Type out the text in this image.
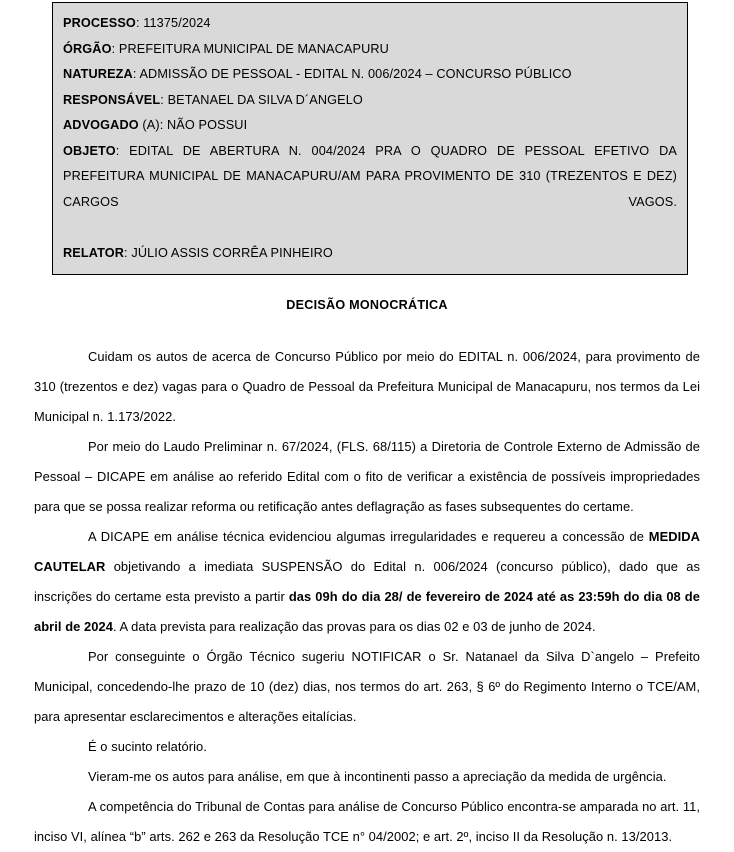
PROCESSO: 11375/2024
ÓRGÃO: PREFEITURA MUNICIPAL DE MANACAPURU
NATUREZA: ADMISSÃO DE PESSOAL - EDITAL N. 006/2024 – CONCURSO PÚBLICO
RESPONSÁVEL: BETANAEL DA SILVA D´ANGELO
ADVOGADO (A): NÃO POSSUI
OBJETO: EDITAL DE ABERTURA N. 004/2024 PRA O QUADRO DE PESSOAL EFETIVO DA PREFEITURA MUNICIPAL DE MANACAPURU/AM PARA PROVIMENTO DE 310 (TREZENTOS E DEZ) CARGOS VAGOS.
RELATOR: JÚLIO ASSIS CORRÊA PINHEIRO
DECISÃO MONOCRÁTICA

Cuidam os autos de acerca de Concurso Público por meio do EDITAL n. 006/2024, para provimento de 310 (trezentos e dez) vagas para o Quadro de Pessoal da Prefeitura Municipal de Manacapuru, nos termos da Lei Municipal n. 1.173/2022.

Por meio do Laudo Preliminar n. 67/2024, (FLS. 68/115) a Diretoria de Controle Externo de Admissão de Pessoal – DICAPE em análise ao referido Edital com o fito de verificar a existência de possíveis impropriedades para que se possa realizar reforma ou retificação antes deflagração as fases subsequentes do certame.

A DICAPE em análise técnica evidenciou algumas irregularidades e requereu a concessão de MEDIDA CAUTELAR objetivando a imediata SUSPENSÃO do Edital n. 006/2024 (concurso público), dado que as inscrições do certame esta previsto a partir das 09h do dia 28/ de fevereiro de 2024 até as 23:59h do dia 08 de abril de 2024. A data prevista para realização das provas para os dias 02 e 03 de junho de 2024.

Por conseguinte o Órgão Técnico sugeriu NOTIFICAR o Sr. Natanael da Silva D`angelo – Prefeito Municipal, concedendo-lhe prazo de 10 (dez) dias, nos termos do art. 263, § 6º do Regimento Interno o TCE/AM, para apresentar esclarecimentos e alterações eitalícias.

É o sucinto relatório.

Vieram-me os autos para análise, em que à incontinenti passo a apreciação da medida de urgência.

A competência do Tribunal de Contas para análise de Concurso Público encontra-se amparada no art. 11, inciso VI, alínea “b” arts. 262 e 263 da Resolução TCE n° 04/2002; e art. 2º, inciso II da Resolução n. 13/2013.
